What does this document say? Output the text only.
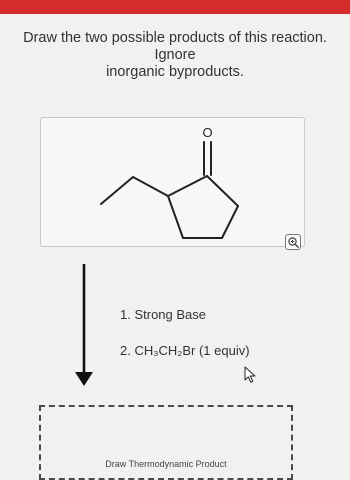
Draw the two possible products of this reaction. Ignore
inorganic byproducts.
O
1. Strong Base
2. CH₃CH₂Br (1 equiv)
Draw Thermodynamic Product
